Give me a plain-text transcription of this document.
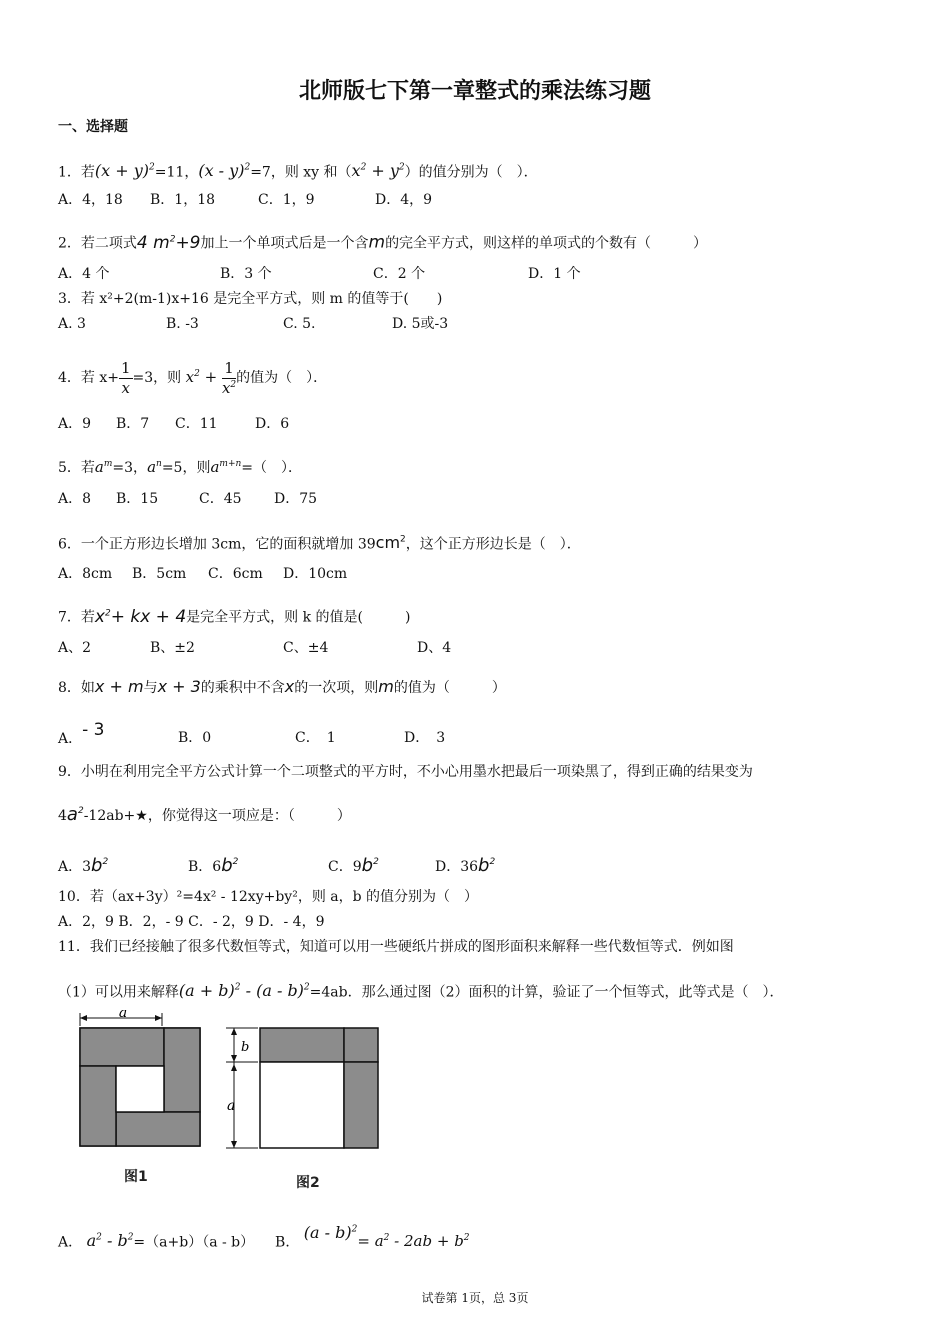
北师版七下第一章整式的乘法练习题
一、选择题
1．若$(x + y)^2=11$，(x - y)$^2$=7，则 xy 和$(x^2 + y^2)$的值分别为（　）．
A．4，18 B．1，18	C．1，9	D．4，9
2．若二项式4 $m^2+9$加上一个单项式后是一个含m的完全平方式，则这样的单项式的个数有（　　　）
A．4 个	B．3 个	C．2 个	D．1 个
3．若 x²+2(m-1)x+16 是完全平方式，则 m 的值等于(　　)
A. 3	B. -3	C. 5.	D. 5或-3
4．若 $x+ \frac{1}{x} =3$，则 $x^2 + \frac{1}{x^2}$ 的值为（　）．
A．9 B．7 C．11	D．6
5．若$a^m=3$，$a^n=5$，则$a^{m+n}=$（　）．
A．8 B．15	C．45 D．75
6．一个正方形边长增加 3cm，它的面积就增加 $39cm^2$，这个正方形边长是（　）．
A．8cm B．5cm C．6cm D．10cm
7．若$x^2+$ kx + 4是完全平方式，则 k 的值是(　　　)
A、2	B、±2	C、±4	D、4
8．如x + m与x + 3的乘积中不含x的一次项，则m的值为（　　　）
A．- 3	B．0	C．　1	D．　3
9．小明在利用完全平方公式计算一个二项整式的平方时，不小心用墨水把最后一项染黑了，得到正确的结果变为
$4a^2-12ab+★$，你觉得这一项应是：（　　　）
A．$3b^2$	B．$6b^2$	C．$9b^2$	D．$36b^2$
10．若（ax+3y）²=4x² - 12xy+by²，则 a，b 的值分别为（　）
A．2，9 B．2，- 9 C．- 2，9 D．- 4，9
11．我们已经接触了很多代数恒等式，知道可以用一些硬纸片拼成的图形面积来解释一些代数恒等式．例如图
（1）可以用来解释$(a + b)^2 - (a - b)^2=4ab$．那么通过图（2）面积的计算，验证了一个恒等式，此等式是（　）．
a
b
a
图1	图2
A． $a^2 - b^2=(a+b)(a - b)$ B． $(a - b)^2= a^2 - 2ab + b^2$
试卷第 1页，总 3页
